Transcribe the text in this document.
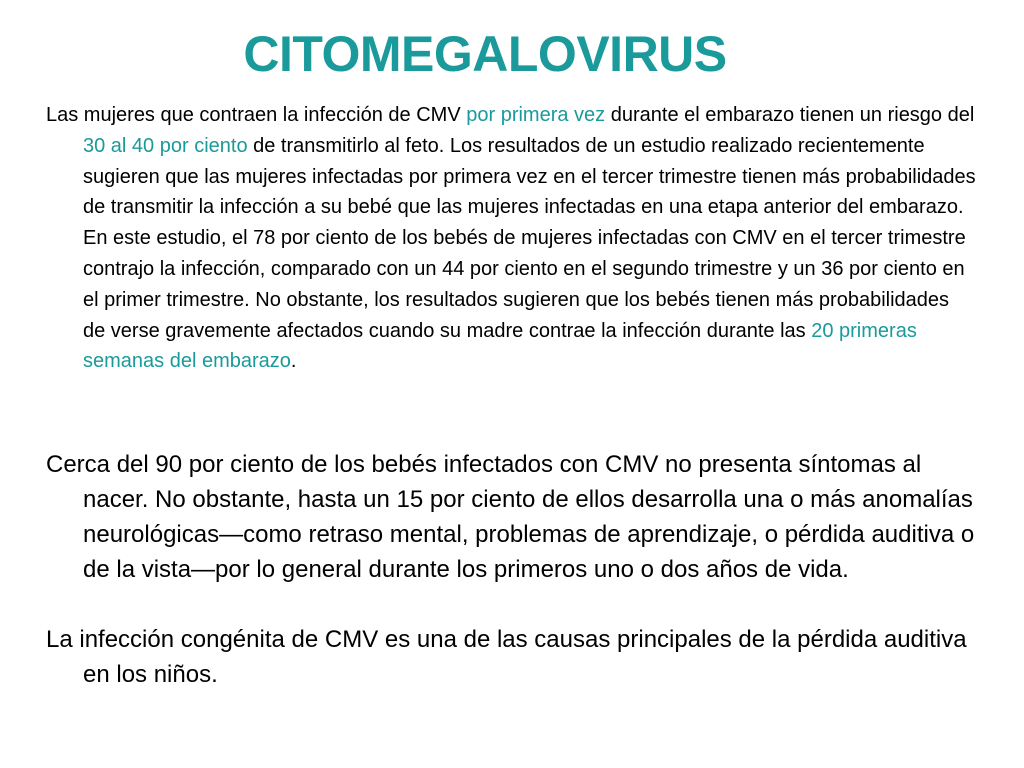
CITOMEGALOVIRUS

Las mujeres que contraen la infección de CMV por primera vez durante el embarazo tienen un riesgo del 30 al 40 por ciento de transmitirlo al feto. Los resultados de un estudio realizado recientemente sugieren que las mujeres infectadas por primera vez en el tercer trimestre tienen más probabilidades de transmitir la infección a su bebé que las mujeres infectadas en una etapa anterior del embarazo. En este estudio, el 78 por ciento de los bebés de mujeres infectadas con CMV en el tercer trimestre contrajo la infección, comparado con un 44 por ciento en el segundo trimestre y un 36 por ciento en el primer trimestre. No obstante, los resultados sugieren que los bebés tienen más probabilidades de verse gravemente afectados cuando su madre contrae la infección durante las 20 primeras semanas del embarazo.

Cerca del 90 por ciento de los bebés infectados con CMV no presenta síntomas al nacer. No obstante, hasta un 15 por ciento de ellos desarrolla una o más anomalías neurológicas—como retraso mental, problemas de aprendizaje, o pérdida auditiva o de la vista—por lo general durante los primeros uno o dos años de vida.

La infección congénita de CMV es una de las causas principales de la pérdida auditiva en los niños.
